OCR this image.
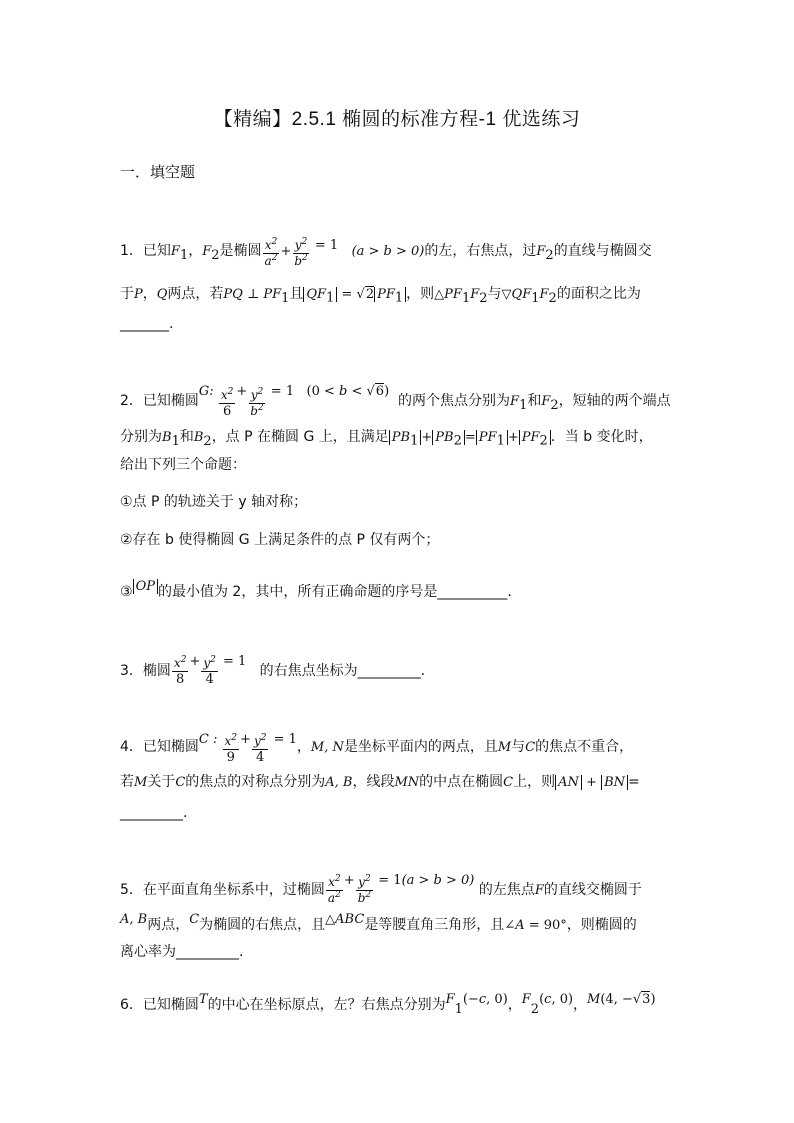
【精编】2.5.1 椭圆的标准方程-1 优选练习
一．填空题
1．已知$F_1$，$F_2$是椭圆 $\frac{x^2}{a^2} + \frac{y^2}{b^2} = 1$ (a > b > 0)的左，右焦点，过$F_2$的直线与椭圆交
于P，Q两点，若PQ ⊥ $PF_1$且 $QF_1 = √2$ $PF_1$ ，则$\triangle PF_1F_2$与$▽QF_1F_2$的面积之比为
_______.
2．已知椭圆G: $\frac{x^2}{6} + \frac{y^2}{b^2} = 1$   (0 < b < √6)  的两个焦点分别为$F_1$和$F_2$，短轴的两个端点
分别为$B_1$和$B_2$，点 P 在椭圆 G 上，且满足 $PB_1 + PB_2 = PF_1 + PF_2$ ．当 b 变化时，
给出下列三个命题：
①点 P 的轨迹关于 y 轴对称；
②存在 b 使得椭圆 G 上满足条件的点 P 仅有两个；
③ OP 的最小值为 2，其中，所有正确命题的序号是__________.
3．椭圆 $\frac{x^2}{8} + \frac{y^2}{4} = 1$   的右焦点坐标为_________.
4．已知椭圆C : $\frac{x^2}{9} + \frac{y^2}{4} = 1$，M, N是坐标平面内的两点，且M与C的焦点不重合，
若M关于C的焦点的对称点分别为A, B，线段MN的中点在椭圆C上，则 AN + BN =
_________.
5．在平面直角坐标系中，过椭圆 $\frac{x^2}{a^2} + \frac{y^2}{b^2} = 1(a > b > 0)$ 的左焦点F的直线交椭圆于
A, B两点，C为椭圆的右焦点，且△ABC是等腰直角三角形，且∠A = 90°，则椭圆的
离心率为_________.
6．已知椭圆T的中心在坐标原点，左？右焦点分别为$F_1(-c$, 0)，$F_2(c$, 0)，M(4, −√3)
